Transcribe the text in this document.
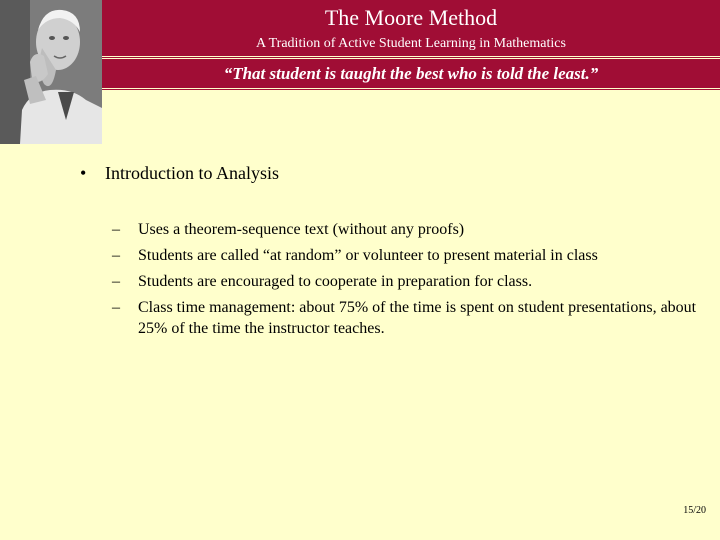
The Moore Method
A Tradition of Active Student Learning in Mathematics
“That student is taught the best who is told the least.”
•	Introduction to Analysis
– Uses a theorem-sequence text (without any proofs)
– Students are called “at random” or volunteer to present material in class
– Students are encouraged to cooperate in preparation for class.
– Class time management: about 75% of the time is spent on student presentations, about 25% of the time the instructor teaches.
15/20
